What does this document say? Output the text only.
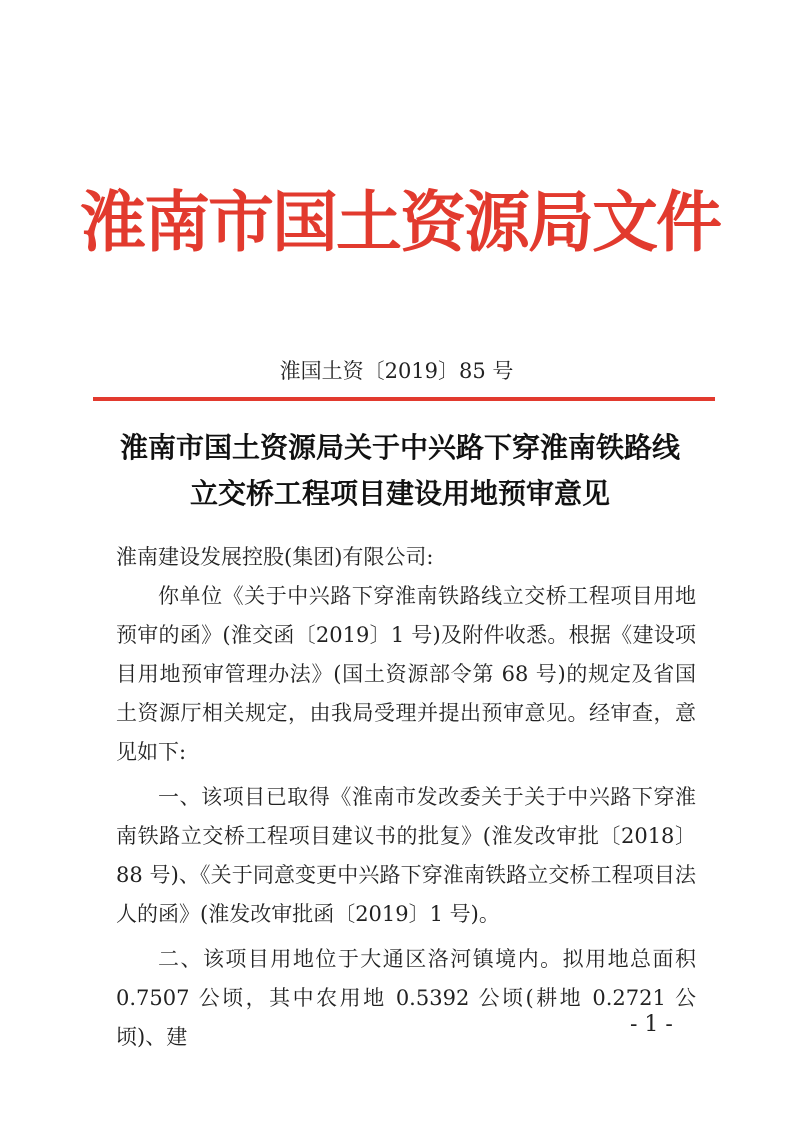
淮南市国土资源局文件
淮国土资〔2019〕85 号
淮南市国土资源局关于中兴路下穿淮南铁路线
立交桥工程项目建设用地预审意见
淮南建设发展控股(集团)有限公司:

你单位《关于中兴路下穿淮南铁路线立交桥工程项目用地预审的函》(淮交函〔2019〕1 号)及附件收悉。根据《建设项目用地预审管理办法》(国土资源部令第 68 号)的规定及省国土资源厅相关规定，由我局受理并提出预审意见。经审查，意见如下:

一、该项目已取得《淮南市发改委关于关于中兴路下穿淮南铁路立交桥工程项目建议书的批复》(淮发改审批〔2018〕88 号)、《关于同意变更中兴路下穿淮南铁路立交桥工程项目法人的函》(淮发改审批函〔2019〕1 号)。

二、该项目用地位于大通区洛河镇境内。拟用地总面积 0.7507 公顷，其中农用地 0.5392 公顷(耕地 0.2721 公顷)、建	- 1 -
